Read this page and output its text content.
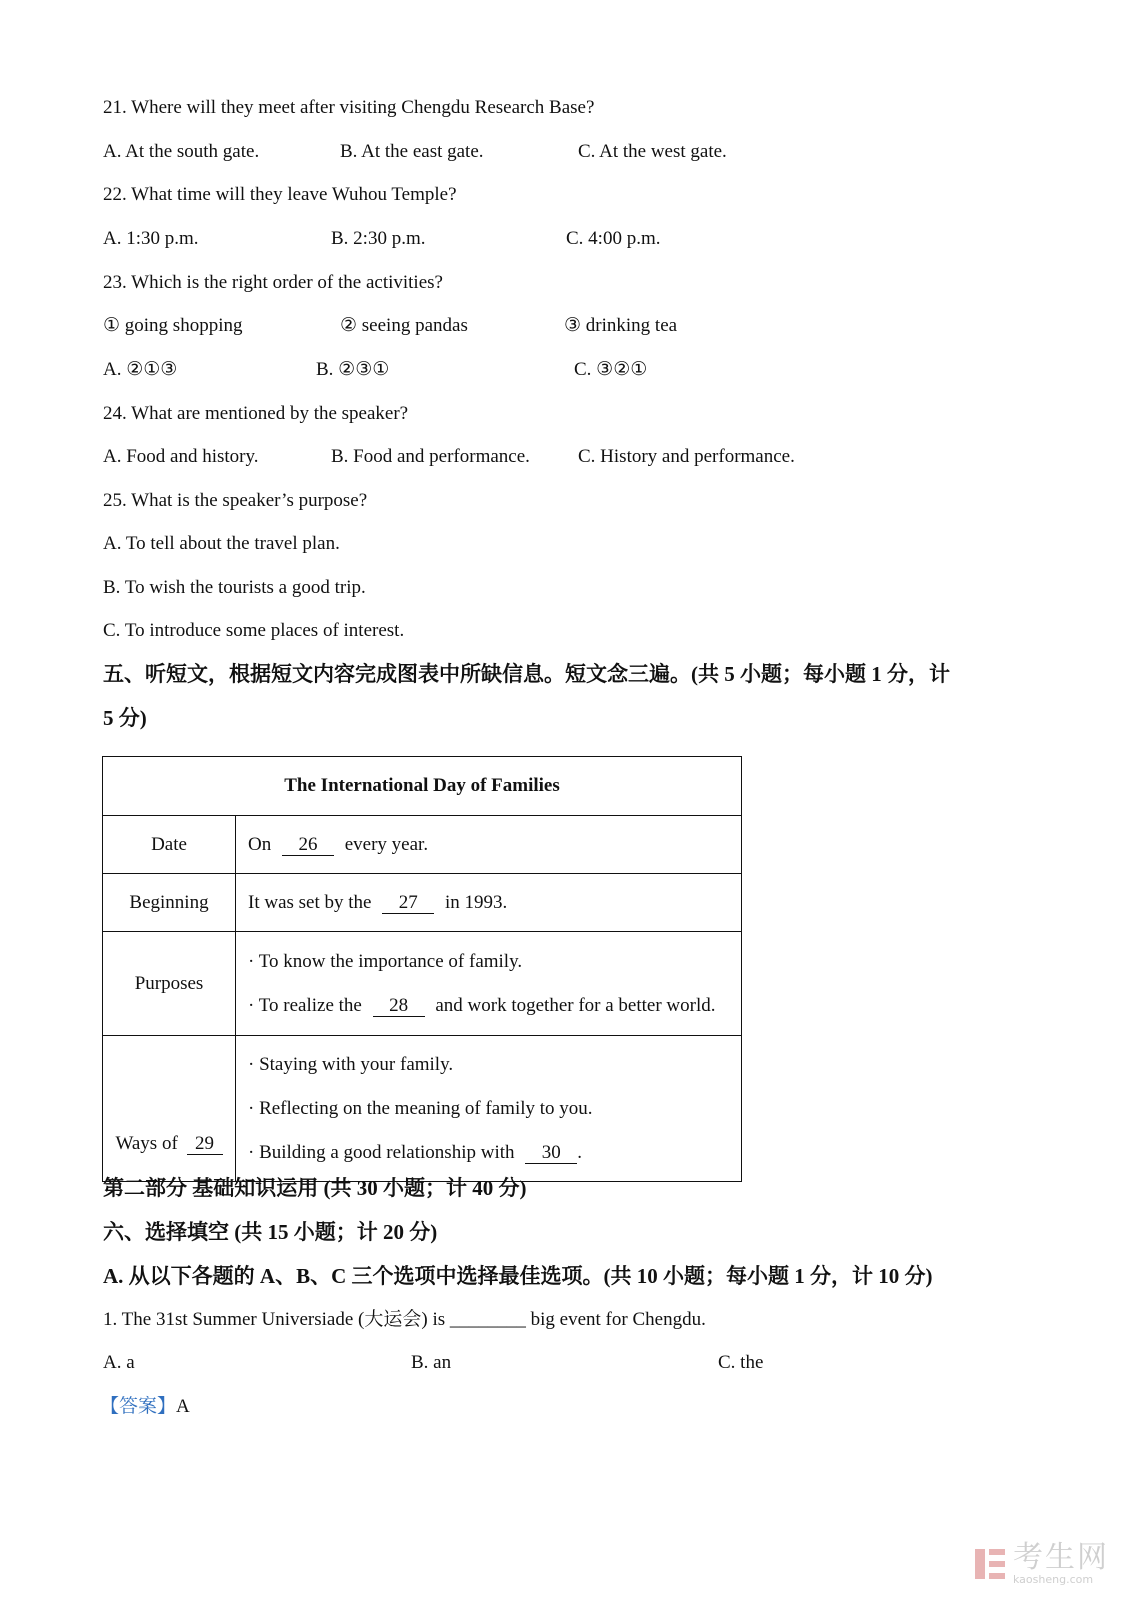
21. Where will they meet after visiting Chengdu Research Base?
A. At the south gate.	B. At the east gate.	C. At the west gate.
22. What time will they leave Wuhou Temple?
A. 1:30 p.m.	B. 2:30 p.m.	C. 4:00 p.m.
23. Which is the right order of the activities?
① going shopping	② seeing pandas	③ drinking tea
A. ②①③	B. ②③①	C. ③②①
24. What are mentioned by the speaker?
A. Food and history.	B. Food and performance.	C. History and performance.
25. What is the speaker’s purpose?
A. To tell about the travel plan.
B. To wish the tourists a good trip.
C. To introduce some places of interest.
五、听短文，根据短文内容完成图表中所缺信息。短文念三遍。(共 5 小题；每小题 1 分，计
5 分)
The International Day of Families	
Date	On 26 every year.
Beginning	It was set by the 27 in 1993.
Purposes	· To know the importance of family.
· To realize the 28 and work together for a better world.

Ways of 29	· Staying with your family.
· Reflecting on the meaning of family to you.
· Building a good relationship with 30 .
第二部分 基础知识运用 (共 30 小题；计 40 分)
六、选择填空 (共 15 小题；计 20 分)
A. 从以下各题的 A、B、C 三个选项中选择最佳选项。(共 10 小题；每小题 1 分，计 10 分)
1. The 31st Summer Universiade (大运会) is ________ big event for Chengdu.
A. a	B. an	C. the
【答案】A
考生网
kaosheng.com
